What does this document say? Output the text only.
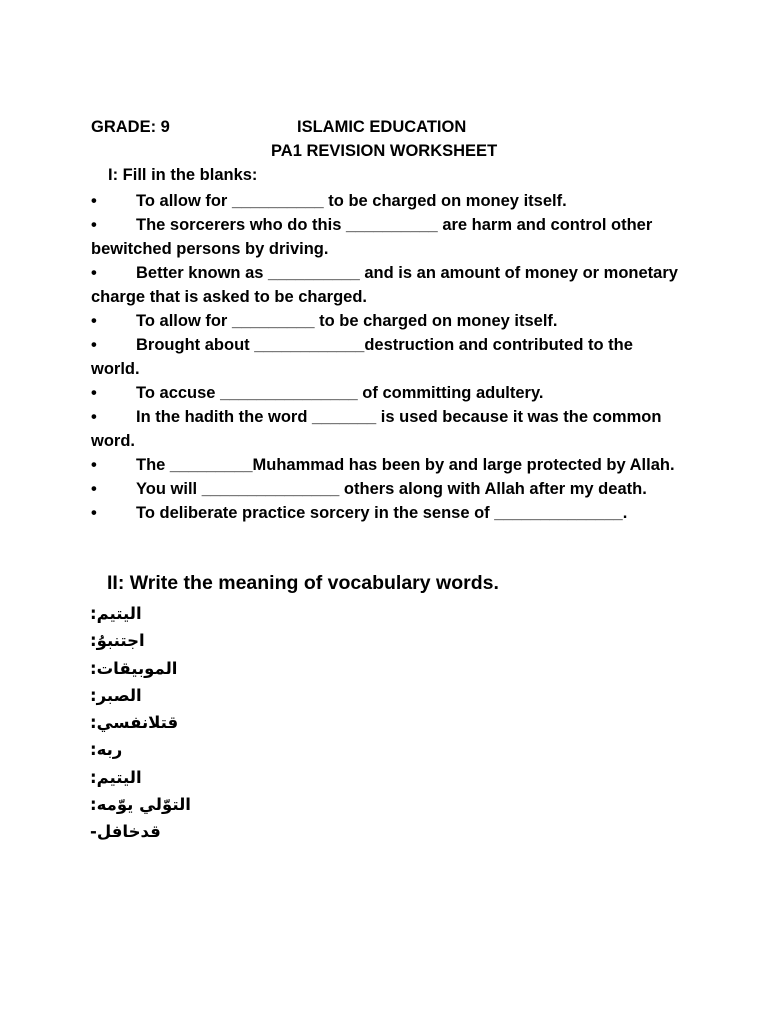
GRADE: 9	ISLAMIC EDUCATION
PA1 REVISION WORKSHEET
I: Fill in the blanks:
• To allow for __________ to be charged on money itself.
• The sorcerers who do this __________ are harm and control other bewitched persons by driving.
• Better known as __________ and is an amount of money or monetary charge that is asked to be charged.
• To allow for _________ to be charged on money itself.
• Brought about ____________destruction and contributed to the world.
• To accuse _______________ of committing adultery.
• In the hadith the word _______ is used because it was the common word.
• The _________Muhammad has been by and large protected by Allah.
• You will _______________ others along with Allah after my death.
• To deliberate practice sorcery in the sense of ______________.
II: Write the meaning of vocabulary words.
اليتيم:
اجتنبوُ:
الموبيقات:
الصبر:
قتلانفسي:
ربه:
اليتيم:
التوّلي يوّمه:
قدخافل-
